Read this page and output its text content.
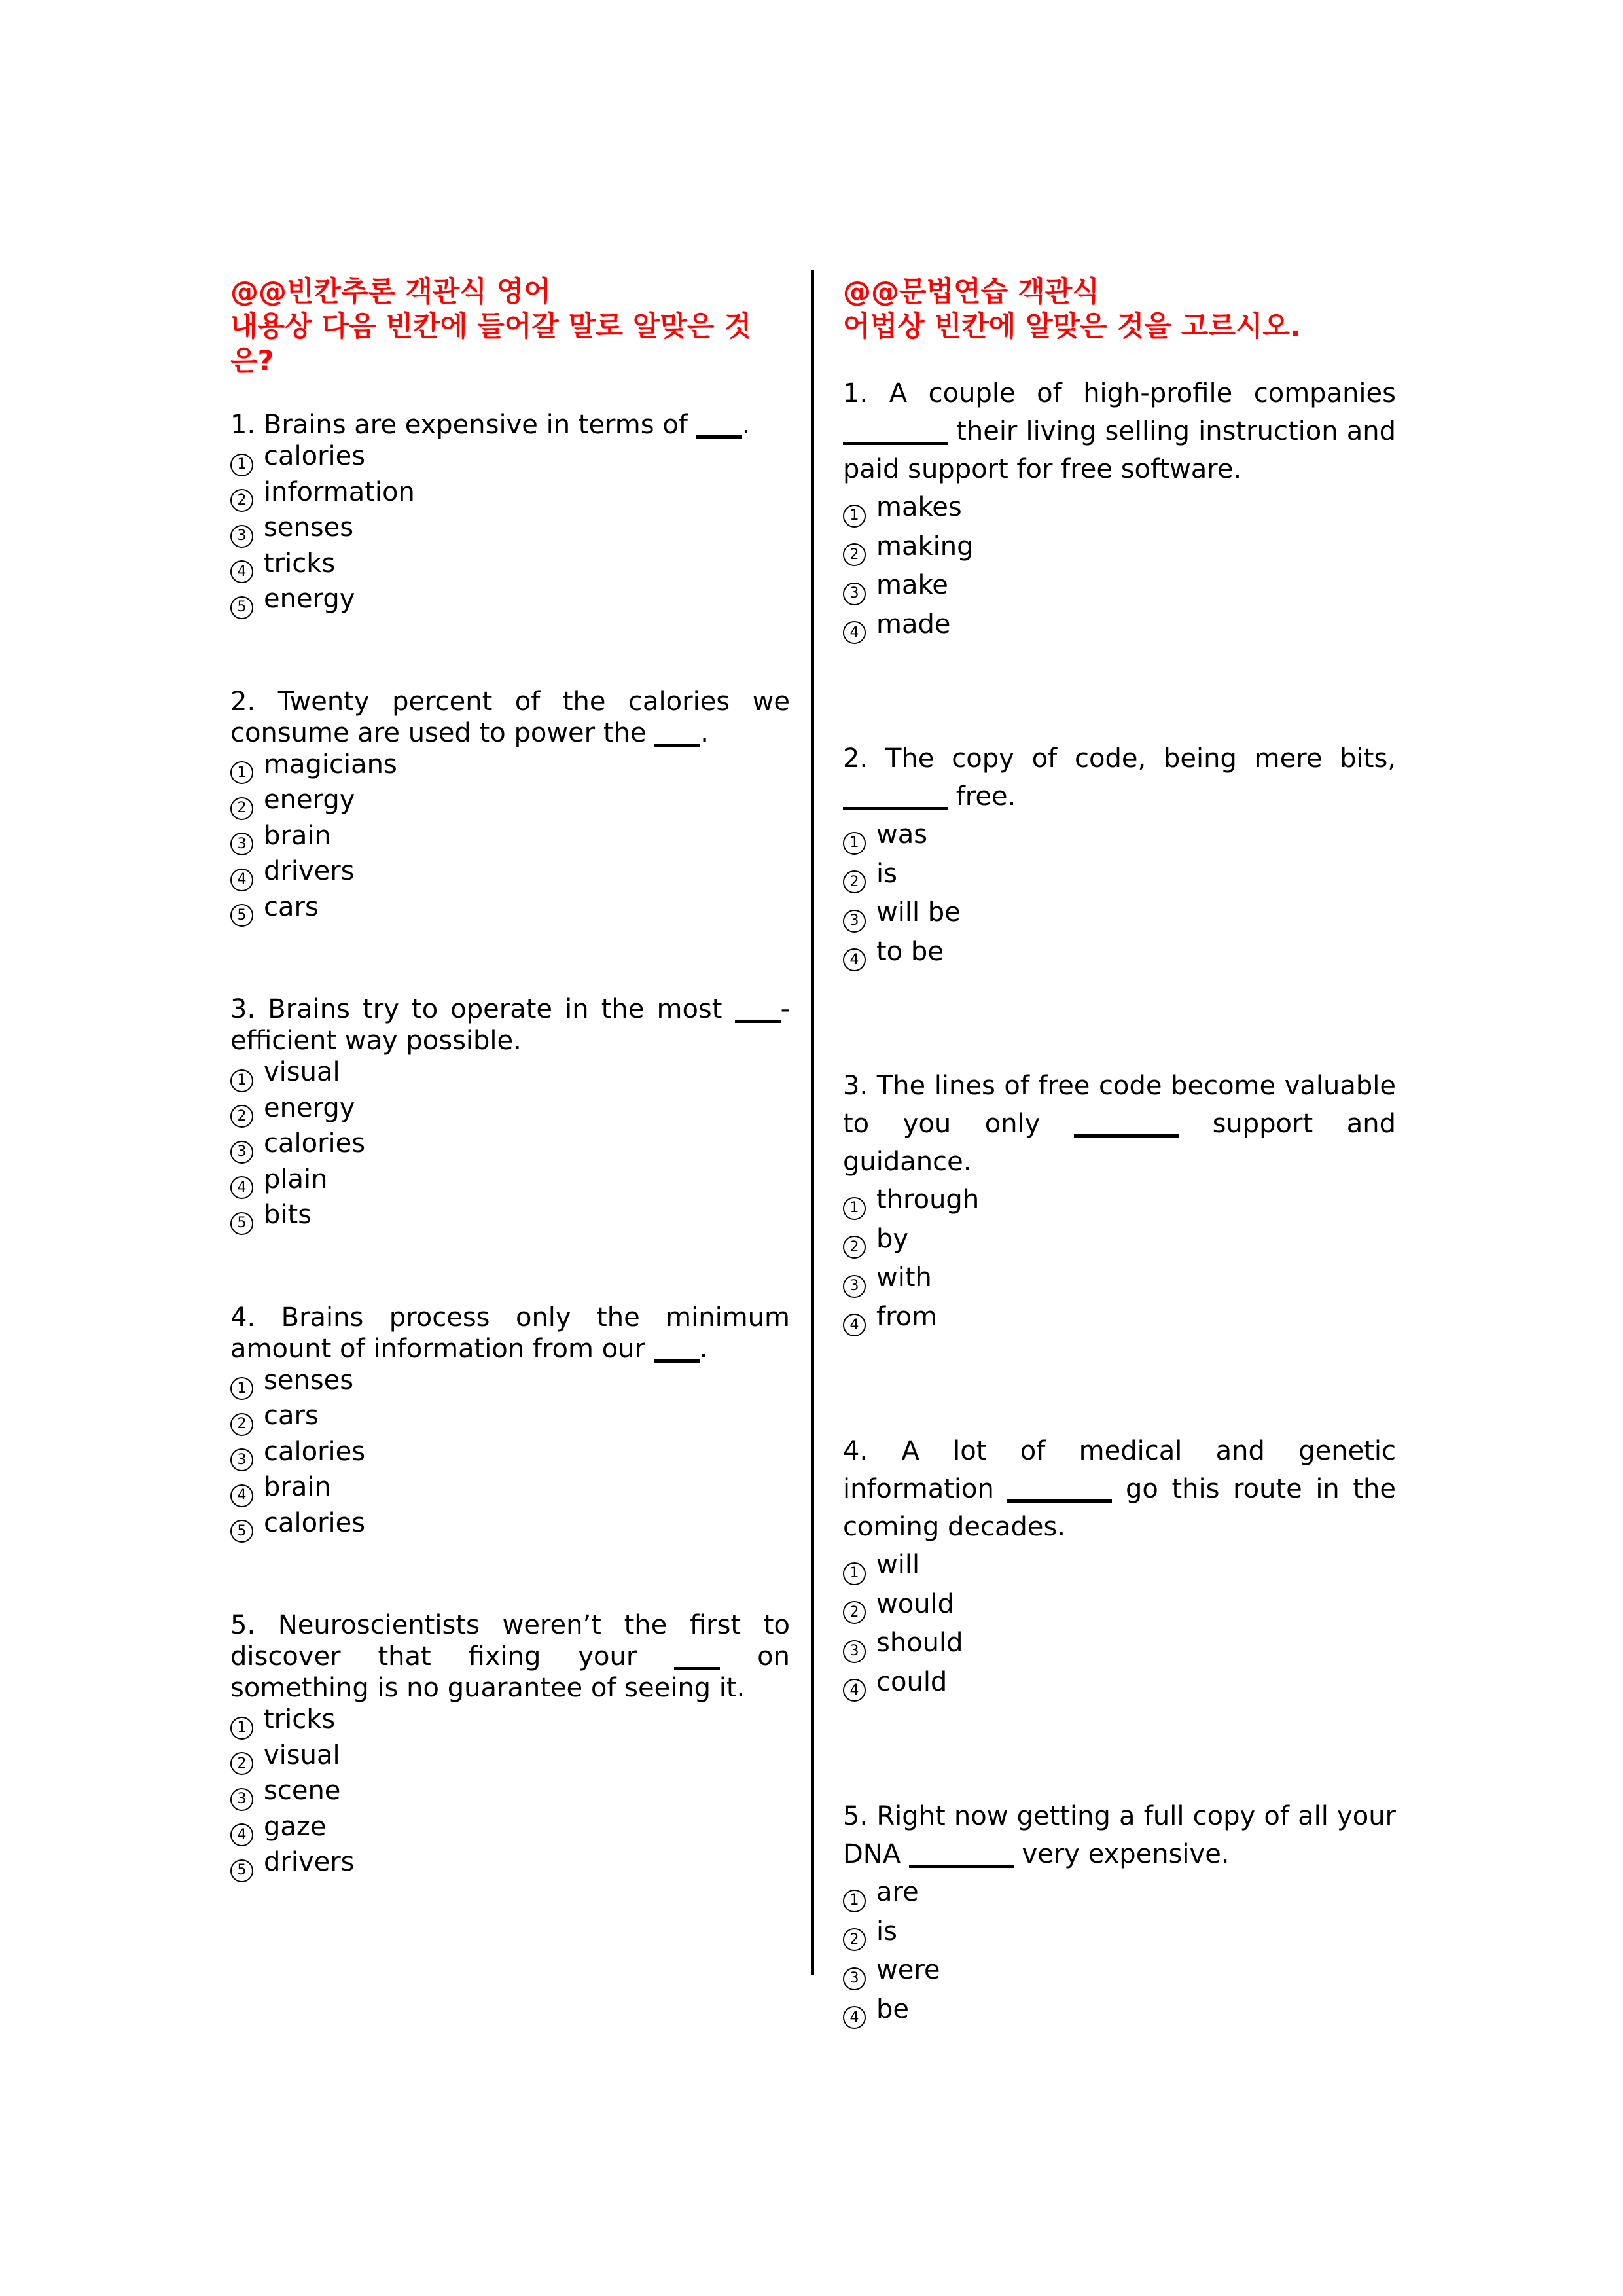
@@빈칸추론 객관식 영어
내용상 다음 빈칸에 들어갈 말로 알맞은 것은?

1. Brains are expensive in terms of .

1 calories
2 information
3 senses
4 tricks
5 energy

2. Twenty percent of the calories we consume are used to power the .

1 magicians
2 energy
3 brain
4 drivers
5 cars

3. Brains try to operate in the most -efficient way possible.

1 visual
2 energy
3 calories
4 plain
5 bits

4. Brains process only the minimum amount of information from our .

1 senses
2 cars
3 calories
4 brain
5 calories

5. Neuroscientists weren’t the first to discover that fixing your	on something is no guarantee of seeing it.

1 tricks
2 visual
3 scene
4 gaze
5 drivers
@@문법연습 객관식
어법상 빈칸에 알맞은 것을 고르시오.

1. A couple of high-profile companies  their living selling instruction and paid support for free software.

1 makes
2 making
3 make
4 made

2. The copy of code, being mere bits,  free.

1 was
2 is
3 will be
4 to be

3. The lines of free code become valuable to you only	support and guidance.

1 through
2 by
3 with
4 from

4. A lot of medical and genetic information	go this route in the coming decades.

1 will
2 would
3 should
4 could

5. Right now getting a full copy of all your DNA	very expensive.

1 are
2 is
3 were
4 be
